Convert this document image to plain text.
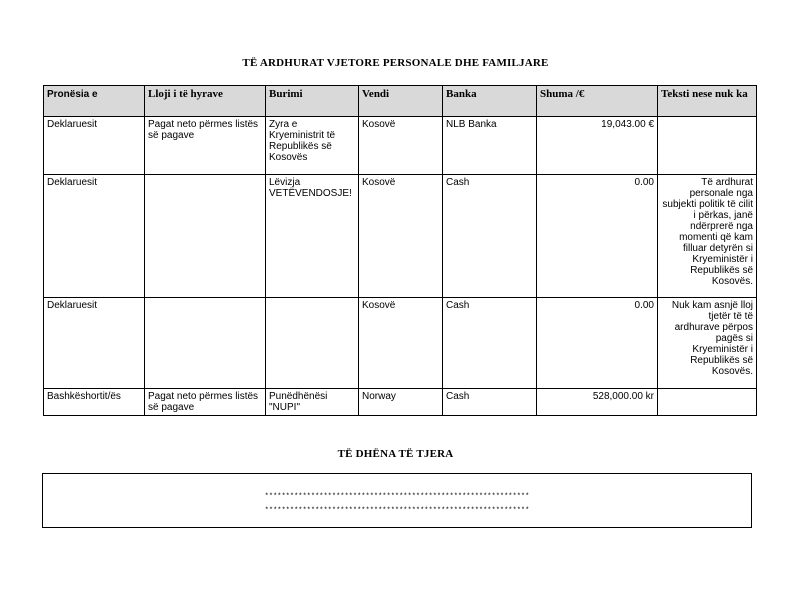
TË ARDHURAT VJETORE PERSONALE DHE FAMILJARE
Pronësia e	Lloji i të hyrave	Burimi	Vendi	Banka	Shuma /€	Teksti nese nuk ka
Deklaruesit	Pagat neto përmes listës së pagave	Zyra e Kryeministrit të Republikës së Kosovës	Kosovë	NLB Banka	19,043.00 €	
Deklaruesit		Lëvizja VETËVENDOSJE!	Kosovë	Cash	0.00	Të ardhurat personale nga subjekti politik të cilit i përkas, janë ndërprerë nga momenti që kam filluar detyrën si Kryeministër i Republikës së Kosovës.
Deklaruesit			Kosovë	Cash	0.00	Nuk kam asnjë lloj tjetër të të ardhurave përpos pagës si Kryeministër i Republikës së Kosovës.
Bashkëshortit/ës	Pagat neto përmes listës së pagave	Punëdhënësi "NUPI"	Norway	Cash	528,000.00 kr	
TË DHËNA TË TJERA
***************************************************************
***************************************************************
